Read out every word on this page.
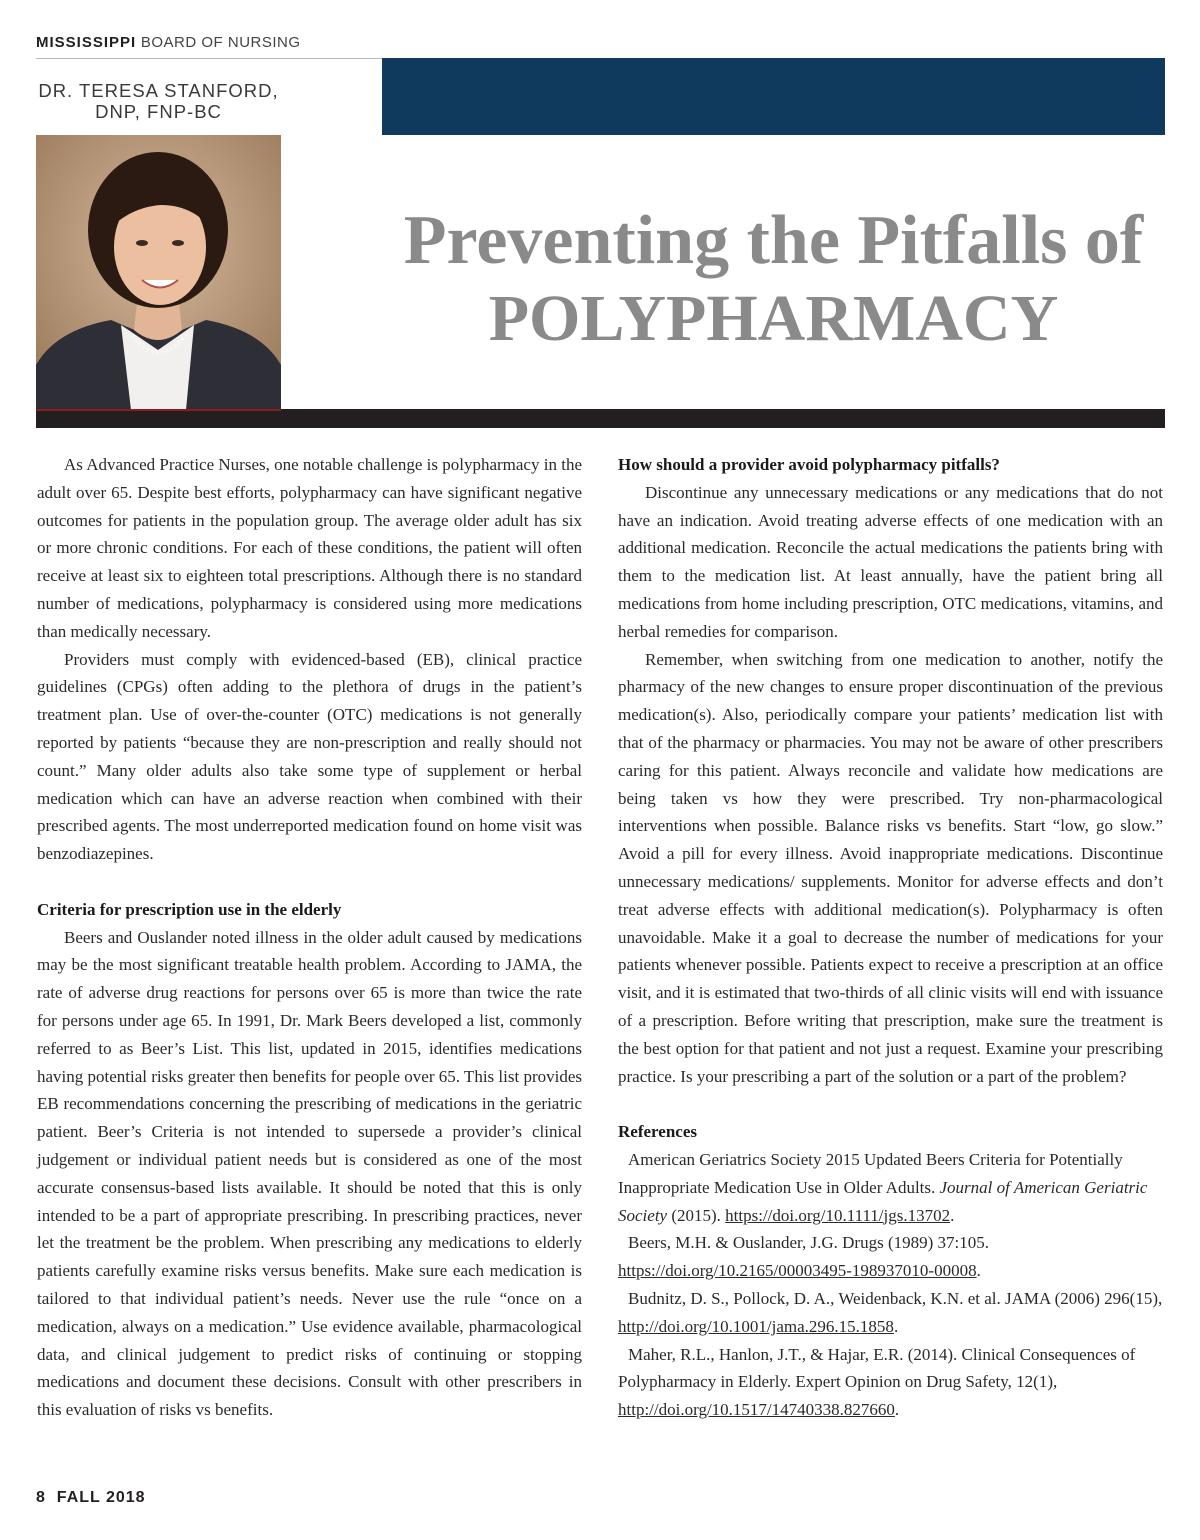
MISSISSIPPI BOARD OF NURSING
DR. TERESA STANFORD,
DNP, FNP-BC
Preventing the Pitfalls of
POLYPHARMACY

As Advanced Practice Nurses, one notable challenge is polypharmacy in the adult over 65. Despite best efforts, polypharmacy can have significant negative outcomes for patients in the population group. The average older adult has six or more chronic conditions. For each of these conditions, the patient will often receive at least six to eighteen total prescriptions. Although there is no standard number of medications, polypharmacy is considered using more medications than medically necessary.

Providers must comply with evidenced-based (EB), clinical practice guidelines (CPGs) often adding to the plethora of drugs in the patient’s treatment plan. Use of over-the-counter (OTC) medications is not generally reported by patients “because they are non-prescription and really should not count.” Many older adults also take some type of supplement or herbal medication which can have an adverse reaction when combined with their prescribed agents. The most underreported medication found on home visit was benzodiazepines.

Criteria for prescription use in the elderly

Beers and Ouslander noted illness in the older adult caused by medications may be the most significant treatable health problem. According to JAMA, the rate of adverse drug reactions for persons over 65 is more than twice the rate for persons under age 65. In 1991, Dr. Mark Beers developed a list, commonly referred to as Beer’s List. This list, updated in 2015, identifies medications having potential risks greater then benefits for people over 65. This list provides EB recommendations concerning the prescribing of medications in the geriatric patient. Beer’s Criteria is not intended to supersede a provider’s clinical judgement or individual patient needs but is considered as one of the most accurate consensus-based lists available. It should be noted that this is only intended to be a part of appropriate prescribing. In prescribing practices, never let the treatment be the problem. When prescribing any medications to elderly patients carefully examine risks versus benefits. Make sure each medication is tailored to that individual patient’s needs. Never use the rule “once on a medication, always on a medication.” Use evidence available, pharmacological data, and clinical judgement to predict risks of continuing or stopping medications and document these decisions. Consult with other prescribers in this evaluation of risks vs benefits.

How should a provider avoid polypharmacy pitfalls?

Discontinue any unnecessary medications or any medications that do not have an indication. Avoid treating adverse effects of one medication with an additional medication. Reconcile the actual medications the patients bring with them to the medication list. At least annually, have the patient bring all medications from home including prescription, OTC medications, vitamins, and herbal remedies for comparison.

Remember, when switching from one medication to another, notify the pharmacy of the new changes to ensure proper discontinuation of the previous medication(s). Also, periodically compare your patients’ medication list with that of the pharmacy or pharmacies. You may not be aware of other prescribers caring for this patient. Always reconcile and validate how medications are being taken vs how they were prescribed. Try non-pharmacological interventions when possible. Balance risks vs benefits. Start “low, go slow.” Avoid a pill for every illness. Avoid inappropriate medications. Discontinue unnecessary medications/ supplements. Monitor for adverse effects and don’t treat adverse effects with additional medication(s). Polypharmacy is often unavoidable. Make it a goal to decrease the number of medications for your patients whenever possible. Patients expect to receive a prescription at an office visit, and it is estimated that two-thirds of all clinic visits will end with issuance of a prescription. Before writing that prescription, make sure the treatment is the best option for that patient and not just a request. Examine your prescribing practice. Is your prescribing a part of the solution or a part of the problem?

References

American Geriatrics Society 2015 Updated Beers Criteria for Potentially Inappropriate Medication Use in Older Adults. Journal of American Geriatric Society (2015). https://doi.org/10.1111/jgs.13702.

Beers, M.H. & Ouslander, J.G. Drugs (1989) 37:105. https://doi.org/10.2165/00003495-198937010-00008.

Budnitz, D. S., Pollock, D. A., Weidenback, K.N. et al. JAMA (2006) 296(15), http://doi.org/10.1001/jama.296.15.1858.

Maher, R.L., Hanlon, J.T., & Hajar, E.R. (2014). Clinical Consequences of Polypharmacy in Elderly. Expert Opinion on Drug Safety, 12(1), http://doi.org/10.1517/14740338.827660.

8 FALL 2018
